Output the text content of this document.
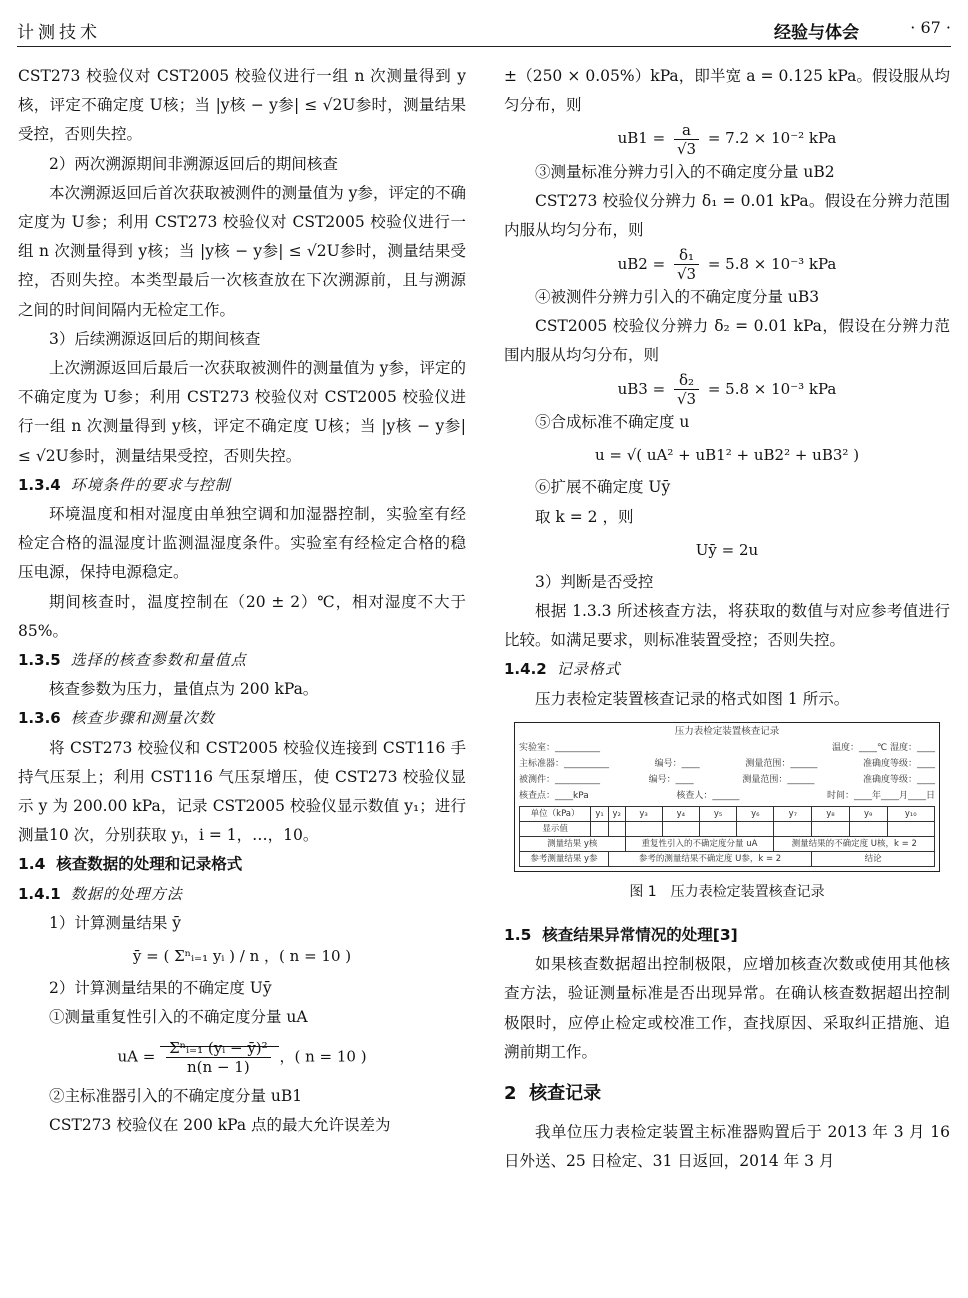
计测技术	经验与体会	· 67 ·

CST273 校验仪对 CST2005 校验仪进行一组 n 次测量得到 y核，评定不确定度 U核；当 |y核 − y参| ≤ √2U参时，测量结果受控，否则失控。

2）两次溯源期间非溯源返回后的期间核查

本次溯源返回后首次获取被测件的测量值为 y参，评定的不确定度为 U参；利用 CST273 校验仪对 CST2005 校验仪进行一组 n 次测量得到 y核；当 |y核 − y参| ≤ √2U参时，测量结果受控，否则失控。本类型最后一次核查放在下次溯源前，且与溯源之间的时间间隔内无检定工作。

3）后续溯源返回后的期间核查

上次溯源返回后最后一次获取被测件的测量值为 y参，评定的不确定度为 U参；利用 CST273 校验仪对 CST2005 校验仪进行一组 n 次测量得到 y核，评定不确定度 U核；当 |y核 − y参| ≤ √2U参时，测量结果受控，否则失控。

1.3.4 环境条件的要求与控制

环境温度和相对湿度由单独空调和加湿器控制，实验室有经检定合格的温湿度计监测温湿度条件。实验室有经检定合格的稳压电源，保持电源稳定。

期间核查时，温度控制在（20 ± 2）℃，相对湿度不大于 85%。

1.3.5 选择的核查参数和量值点

核查参数为压力，量值点为 200 kPa。

1.3.6 核查步骤和测量次数

将 CST273 校验仪和 CST2005 校验仪连接到 CST116 手持气压泵上；利用 CST116 气压泵增压，使 CST273 校验仪显示 y 为 200.00 kPa，记录 CST2005 校验仪显示数值 y₁；进行测量10 次，分别获取 yᵢ，i = 1，…，10。

1.4 核查数据的处理和记录格式

1.4.1 数据的处理方法

1）计算测量结果 ȳ

ȳ = ( Σⁿᵢ₌₁ yᵢ ) / n ，( n = 10 )

2）计算测量结果的不确定度 Uȳ

①测量重复性引入的不确定度分量 uA

uA = $\frac{\text{Σⁿᵢ₌₁ (yᵢ − ȳ)²}}{n(n - 1)}$ ，( n = 10 )

②主标准器引入的不确定度分量 uB1

CST273 校验仪在 200 kPa 点的最大允许误差为

±（250 × 0.05%）kPa，即半宽 a = 0.125 kPa。假设服从均匀分布，则

$uB1 = \frac{a}{√3} = 7.2 \times 10^{-2}$ kPa

③测量标准分辨力引入的不确定度分量 uB2

CST273 校验仪分辨力 δ₁ = 0.01 kPa。假设在分辨力范围内服从均匀分布，则

$uB2 = \frac{\text{δ₁}}{√3} = 5.8 \times 10^{-3}$ kPa

④被测件分辨力引入的不确定度分量 uB3

CST2005 校验仪分辨力 δ₂ = 0.01 kPa，假设在分辨力范围内服从均匀分布，则

$uB3 = \frac{\text{δ₂}}{√3} = 5.8 \times 10^{-3}$ kPa

⑤合成标准不确定度 u

u = √( uA² + uB1² + uB2² + uB3² )

⑥扩展不确定度 Uȳ

取 k = 2 ，则

Uȳ = 2u

3）判断是否受控

根据 1.3.3 所述核查方法，将获取的数值与对应参考值进行比较。如满足要求，则标准装置受控；否则失控。

1.4.2 记录格式

压力表检定装置核查记录的格式如图 1 所示。

压力表检定装置核查记录
实验室：__________	温度：____℃ 湿度：____
主标准器：__________	编号：____	测量范围：______	准确度等级：____
被测件：__________	编号：____	测量范围：______	准确度等级：____
核查点：____kPa	核查人：______	时间：____年____月____日
单位（kPa）	y₁	y₂	y₃	y₄	y₅	y₆	y₇	y₈	y₉	y₁₀
显示值										
测量结果 y核			重复性引入的不确定度分量 uA				测量结果的不确定度 U核，k = 2			
参考测量结果 y参		参考的测量结果不确定度 U参，k = 2						结论		
图 1　压力表检定装置核查记录

1.5 核查结果异常情况的处理[3]

如果核查数据超出控制极限，应增加核查次数或使用其他核查方法，验证测量标准是否出现异常。在确认核查数据超出控制极限时，应停止检定或校准工作，查找原因、采取纠正措施、追溯前期工作。

2 核查记录

我单位压力表检定装置主标准器购置后于 2013 年 3 月 16 日外送、25 日检定、31 日返回，2014 年 3 月
